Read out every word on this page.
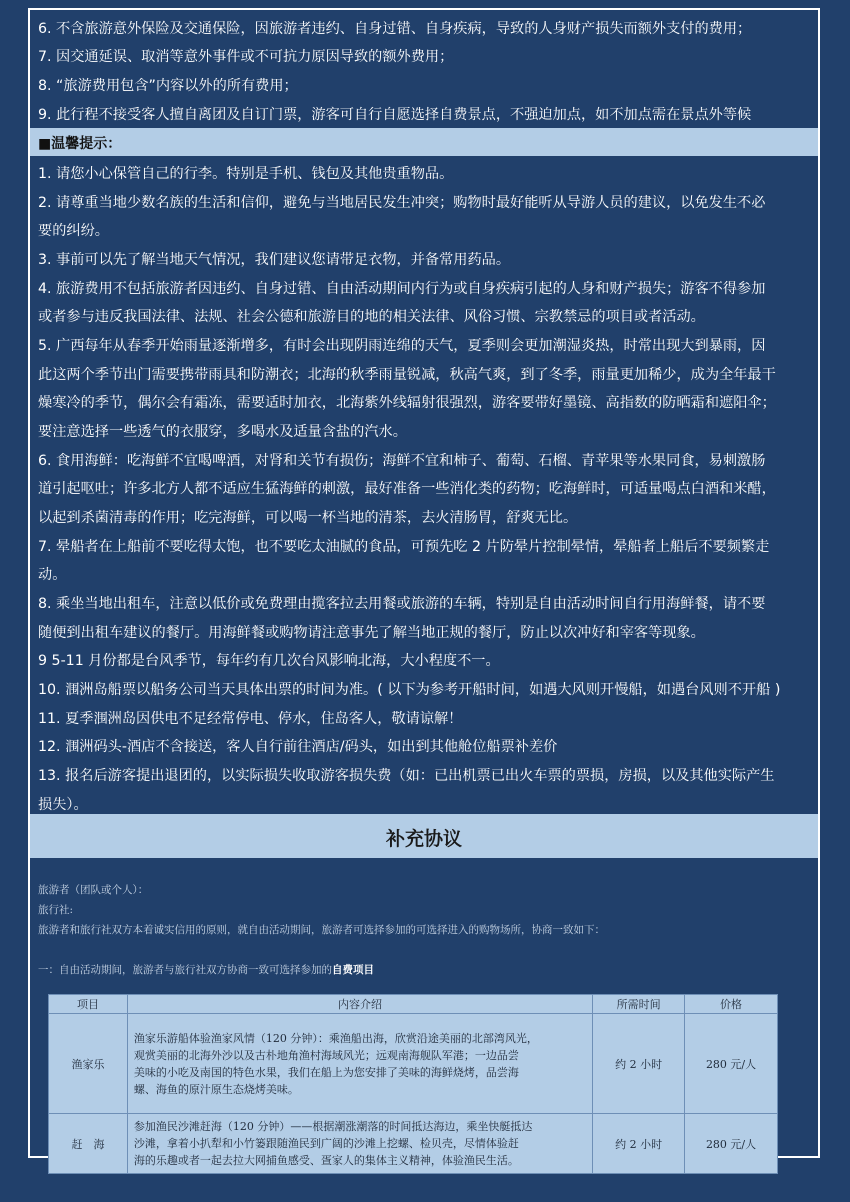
6. 不含旅游意外保险及交通保险，因旅游者违约、自身过错、自身疾病，导致的人身财产损失而额外支付的费用；
7. 因交通延误、取消等意外事件或不可抗力原因导致的额外费用；
8. “旅游费用包含”内容以外的所有费用；
9. 此行程不接受客人擅自离团及自订门票，游客可自行自愿选择自费景点，不强迫加点，如不加点需在景点外等候
■温馨提示：
1. 请您小心保管自己的行李。特别是手机、钱包及其他贵重物品。
2. 请尊重当地少数名族的生活和信仰，避免与当地居民发生冲突；购物时最好能听从导游人员的建议，以免发生不必
要的纠纷。
3. 事前可以先了解当地天气情况，我们建议您请带足衣物，并备常用药品。
4. 旅游费用不包括旅游者因违约、自身过错、自由活动期间内行为或自身疾病引起的人身和财产损失；游客不得参加
或者参与违反我国法律、法规、社会公德和旅游目的地的相关法律、风俗习惯、宗教禁忌的项目或者活动。
5. 广西每年从春季开始雨量逐渐增多，有时会出现阴雨连绵的天气，夏季则会更加潮湿炎热，时常出现大到暴雨，因
此这两个季节出门需要携带雨具和防潮衣；北海的秋季雨量锐减，秋高气爽，到了冬季，雨量更加稀少，成为全年最干
燥寒冷的季节，偶尔会有霜冻，需要适时加衣，北海紫外线辐射很强烈，游客要带好墨镜、高指数的防晒霜和遮阳伞；
要注意选择一些透气的衣服穿，多喝水及适量含盐的汽水。
6. 食用海鲜：吃海鲜不宜喝啤酒，对肾和关节有损伤；海鲜不宜和柿子、葡萄、石榴、青苹果等水果同食，易刺激肠
道引起呕吐；许多北方人都不适应生猛海鲜的刺激，最好准备一些消化类的药物；吃海鲜时，可适量喝点白酒和米醋，
以起到杀菌清毒的作用；吃完海鲜，可以喝一杯当地的清茶，去火清肠胃，舒爽无比。
7. 晕船者在上船前不要吃得太饱，也不要吃太油腻的食品，可预先吃 2 片防晕片控制晕情，晕船者上船后不要频繁走
动。
8. 乘坐当地出租车，注意以低价或免费理由揽客拉去用餐或旅游的车辆，特别是自由活动时间自行用海鲜餐，请不要
随便到出租车建议的餐厅。用海鲜餐或购物请注意事先了解当地正规的餐厅，防止以次冲好和宰客等现象。
9 5-11 月份都是台风季节，每年约有几次台风影响北海，大小程度不一。
10. 涠洲岛船票以船务公司当天具体出票的时间为准。( 以下为参考开船时间，如遇大风则开慢船，如遇台风则不开船 )
11. 夏季涠洲岛因供电不足经常停电、停水，住岛客人，敬请谅解！
12. 涠洲码头-酒店不含接送，客人自行前往酒店/码头，如出到其他舱位船票补差价
13. 报名后游客提出退团的，以实际损失收取游客损失费（如：已出机票已出火车票的票损，房损，以及其他实际产生
损失）。
补充协议
旅游者（团队或个人）：
旅行社:
旅游者和旅行社双方本着诚实信用的原则，就自由活动期间，旅游者可选择参加的可选择进入的购物场所，协商一致如下：
一：自由活动期间，旅游者与旅行社双方协商一致可选择参加的自费项目
项目	内容介绍	所需时间	价格
渔家乐	渔家乐游船体验渔家风情（120 分钟）：乘渔船出海，欣赏沿途美丽的北部湾风光，
观赏美丽的北海外沙以及古朴地角渔村海域风光；远观南海舰队军港；一边品尝
美味的小吃及南国的特色水果，我们在船上为您安排了美味的海鲜烧烤，品尝海
螺、海鱼的原汁原生态烧烤美味。	约 2 小时	280 元/人
赶　海	参加渔民沙滩赶海（120 分钟）——根据潮涨潮落的时间抵达海边，乘坐快艇抵达
沙滩，拿着小扒犁和小竹篓跟随渔民到广阔的沙滩上挖螺、检贝壳，尽情体验赶
海的乐趣或者一起去拉大网捕鱼感受、疍家人的集体主义精神，体验渔民生活。	约 2 小时	280 元/人
